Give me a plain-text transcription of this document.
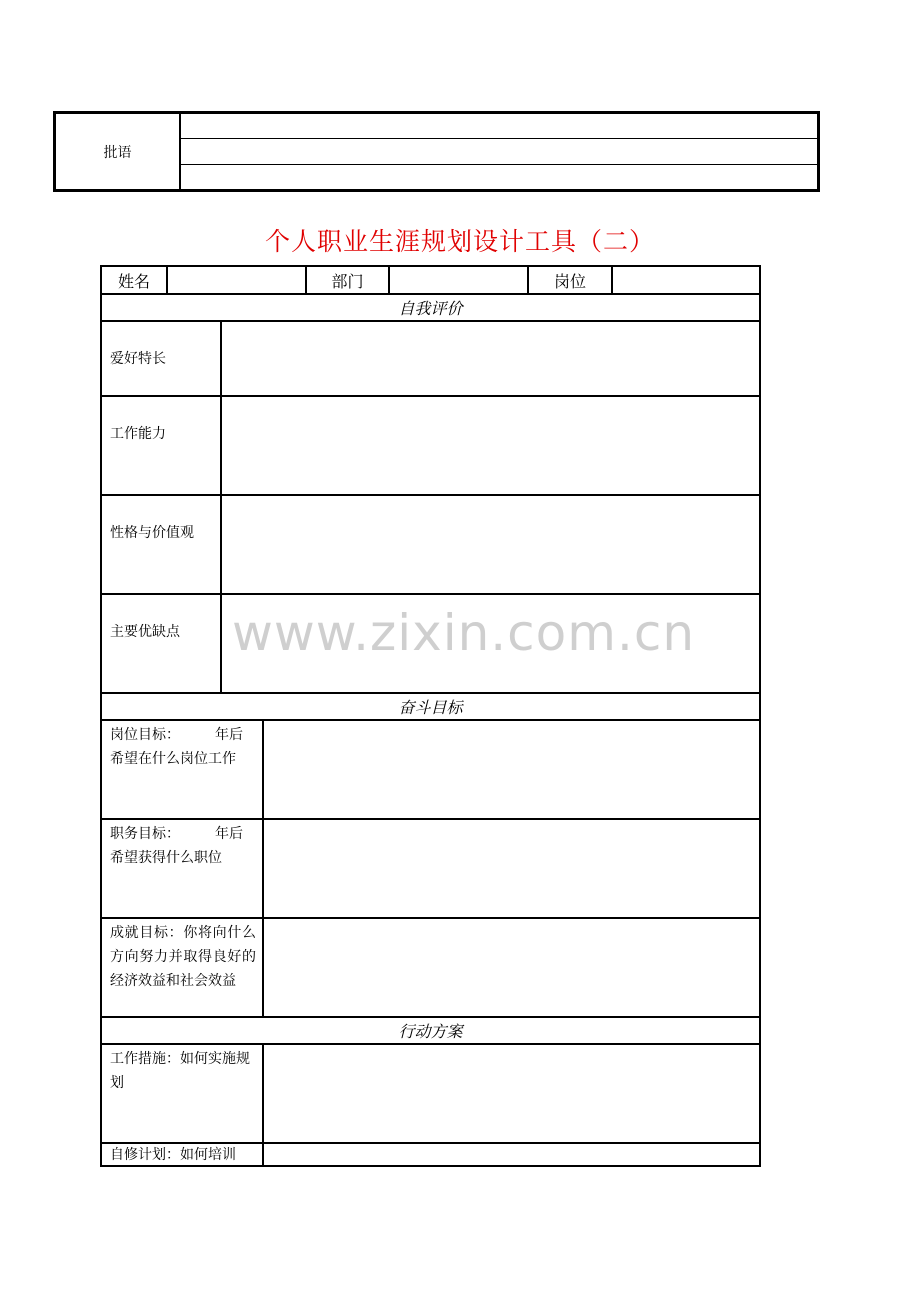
批语
个人职业生涯规划设计工具（二）
姓名	部门	岗位
自我评价
爱好特长
工作能力
性格与价值观
主要优缺点
奋斗目标
岗位目标：　　　年后
希望在什么岗位工作
职务目标：　　　年后
希望获得什么职位
成就目标：你将向什么方向努力并取得良好的经济效益和社会效益
行动方案
工作措施：如何实施规划
自修计划：如何培训
www.zixin.com.cn
